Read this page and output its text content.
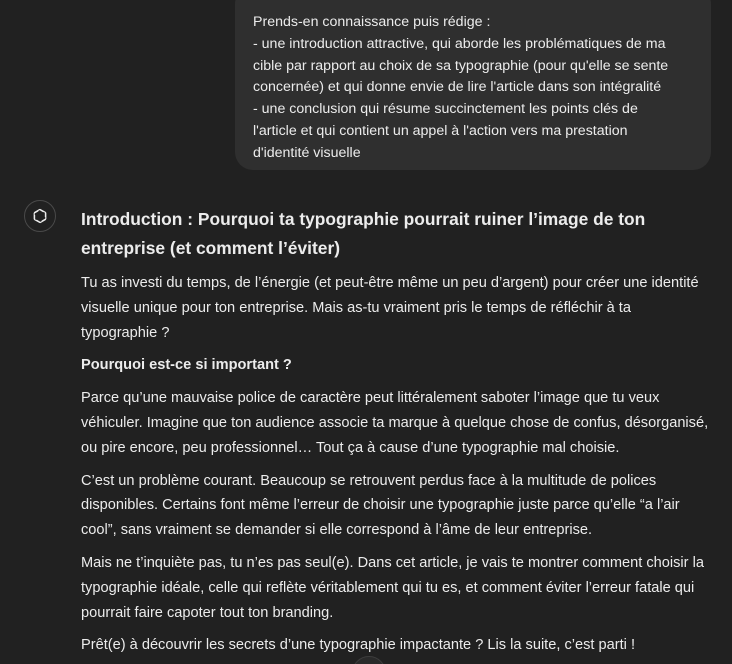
Prends-en connaissance puis rédige :
- une introduction attractive, qui aborde les problématiques de ma
cible par rapport au choix de sa typographie (pour qu'elle se sente
concernée) et qui donne envie de lire l'article dans son intégralité
- une conclusion qui résume succinctement les points clés de
l'article et qui contient un appel à l'action vers ma prestation
d'identité visuelle
Introduction : Pourquoi ta typographie pourrait ruiner l’image de ton
entreprise (et comment l’éviter)
Tu as investi du temps, de l’énergie (et peut-être même un peu d’argent) pour créer une identité
visuelle unique pour ton entreprise. Mais as-tu vraiment pris le temps de réfléchir à ta
typographie ?
Pourquoi est-ce si important ?
Parce qu’une mauvaise police de caractère peut littéralement saboter l’image que tu veux
véhiculer. Imagine que ton audience associe ta marque à quelque chose de confus, désorganisé,
ou pire encore, peu professionnel… Tout ça à cause d’une typographie mal choisie.
C’est un problème courant. Beaucoup se retrouvent perdus face à la multitude de polices
disponibles. Certains font même l’erreur de choisir une typographie juste parce qu’elle “a l’air
cool”, sans vraiment se demander si elle correspond à l’âme de leur entreprise.
Mais ne t’inquiète pas, tu n’es pas seul(e). Dans cet article, je vais te montrer comment choisir la
typographie idéale, celle qui reflète véritablement qui tu es, et comment éviter l’erreur fatale qui
pourrait faire capoter tout ton branding.
Prêt(e) à découvrir les secrets d’une typographie impactante ? Lis la suite, c’est parti !
